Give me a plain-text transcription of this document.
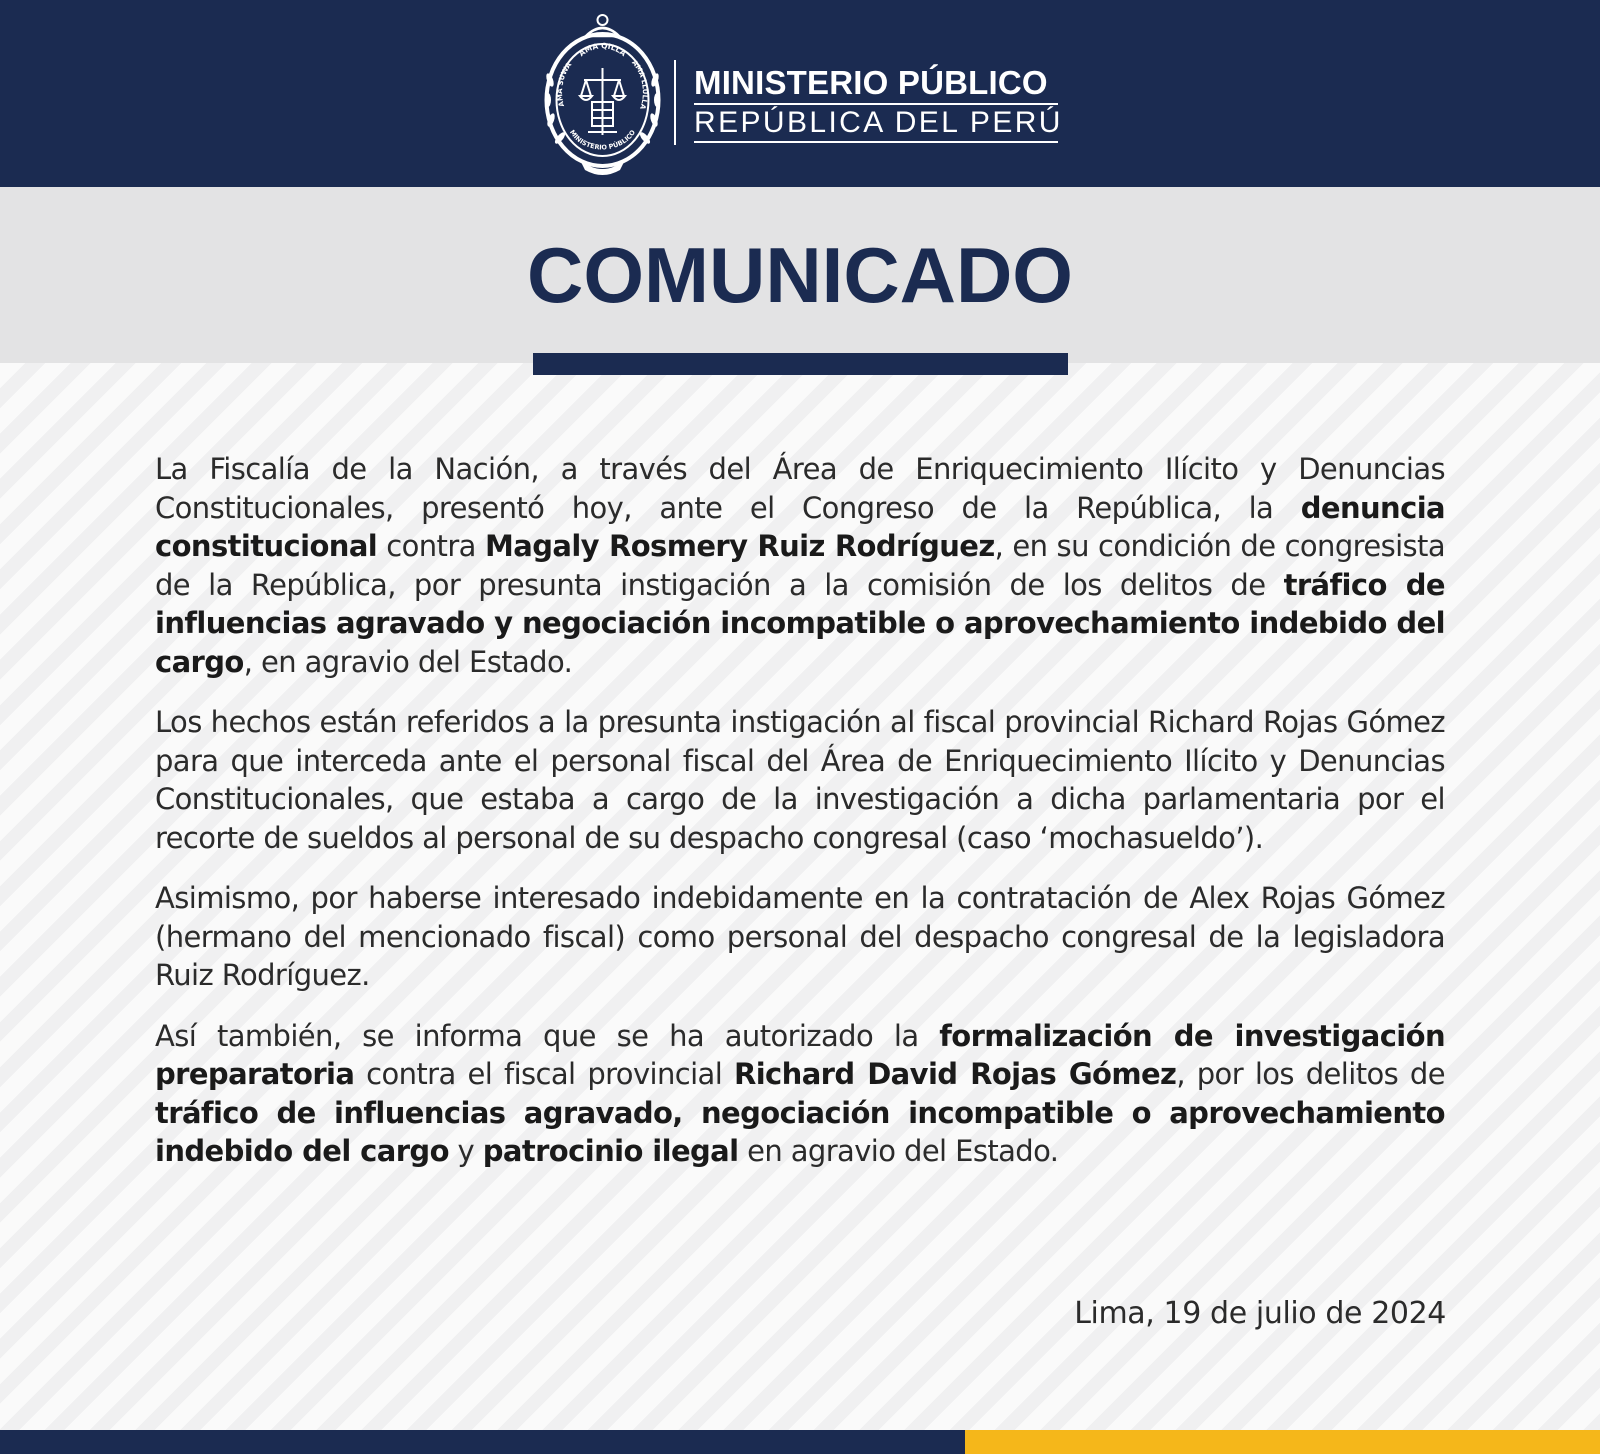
AMA QILLA
AMA SUWA	AMA LLULLA
MINISTERIO PÚBLICO
MINISTERIO PÚBLICO
REPÚBLICA DEL PERÚ
COMUNICADO

La Fiscalía de la Nación, a través del Área de Enriquecimiento Ilícito y Denuncias Constitucionales, presentó hoy, ante el Congreso de la República, la denuncia constitucional contra Magaly Rosmery Ruiz Rodríguez, en su condición de congresista de la República, por presunta instigación a la comisión de los delitos de tráfico de influencias agravado y negociación incompatible o aprovechamiento indebido del cargo, en agravio del Estado.

Los hechos están referidos a la presunta instigación al fiscal provincial Richard Rojas Gómez para que interceda ante el personal fiscal del Área de Enriquecimiento Ilícito y Denuncias Constitucionales, que estaba a cargo de la investigación a dicha parlamentaria por el recorte de sueldos al personal de su despacho congresal (caso ‘mochasueldo’).

Asimismo, por haberse interesado indebidamente en la contratación de Alex Rojas Gómez (hermano del mencionado fiscal) como personal del despacho congresal de la legisladora Ruiz Rodríguez.

Así también, se informa que se ha autorizado la formalización de investigación preparatoria contra el fiscal provincial Richard David Rojas Gómez, por los delitos de tráfico de influencias agravado, negociación incompatible o aprovechamiento indebido del cargo y patrocinio ilegal en agravio del Estado.

Lima, 19 de julio de 2024
